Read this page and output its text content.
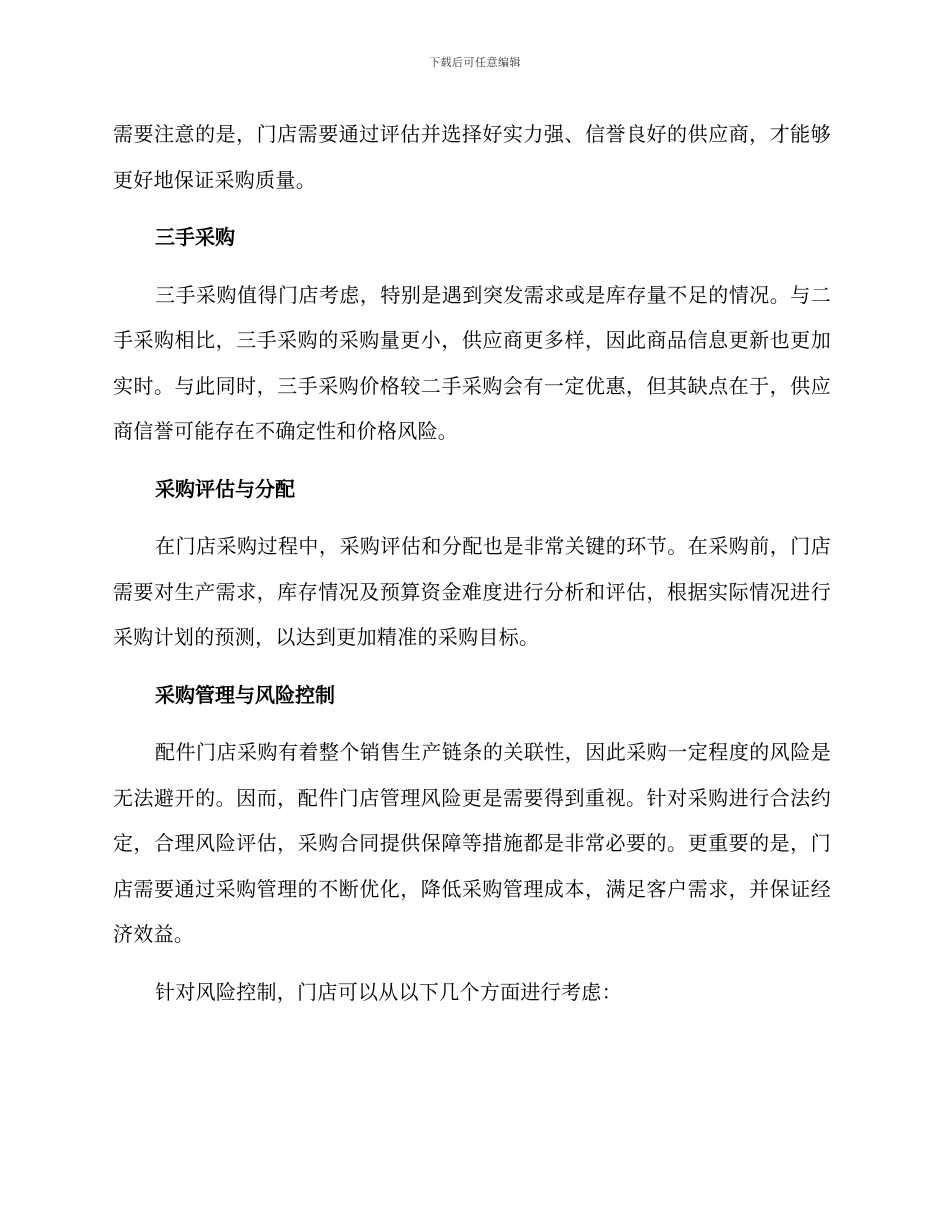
下载后可任意编辑

需要注意的是，门店需要通过评估并选择好实力强、信誉良好的供应商，才能够更好地保证采购质量。

三手采购

三手采购值得门店考虑，特别是遇到突发需求或是库存量不足的情况。与二手采购相比，三手采购的采购量更小，供应商更多样，因此商品信息更新也更加实时。与此同时，三手采购价格较二手采购会有一定优惠，但其缺点在于，供应商信誉可能存在不确定性和价格风险。

采购评估与分配

在门店采购过程中，采购评估和分配也是非常关键的环节。在采购前，门店需要对生产需求，库存情况及预算资金难度进行分析和评估，根据实际情况进行采购计划的预测，以达到更加精准的采购目标。

采购管理与风险控制

配件门店采购有着整个销售生产链条的关联性，因此采购一定程度的风险是无法避开的。因而，配件门店管理风险更是需要得到重视。针对采购进行合法约定，合理风险评估，采购合同提供保障等措施都是非常必要的。更重要的是，门店需要通过采购管理的不断优化，降低采购管理成本，满足客户需求，并保证经济效益。

针对风险控制，门店可以从以下几个方面进行考虑：
